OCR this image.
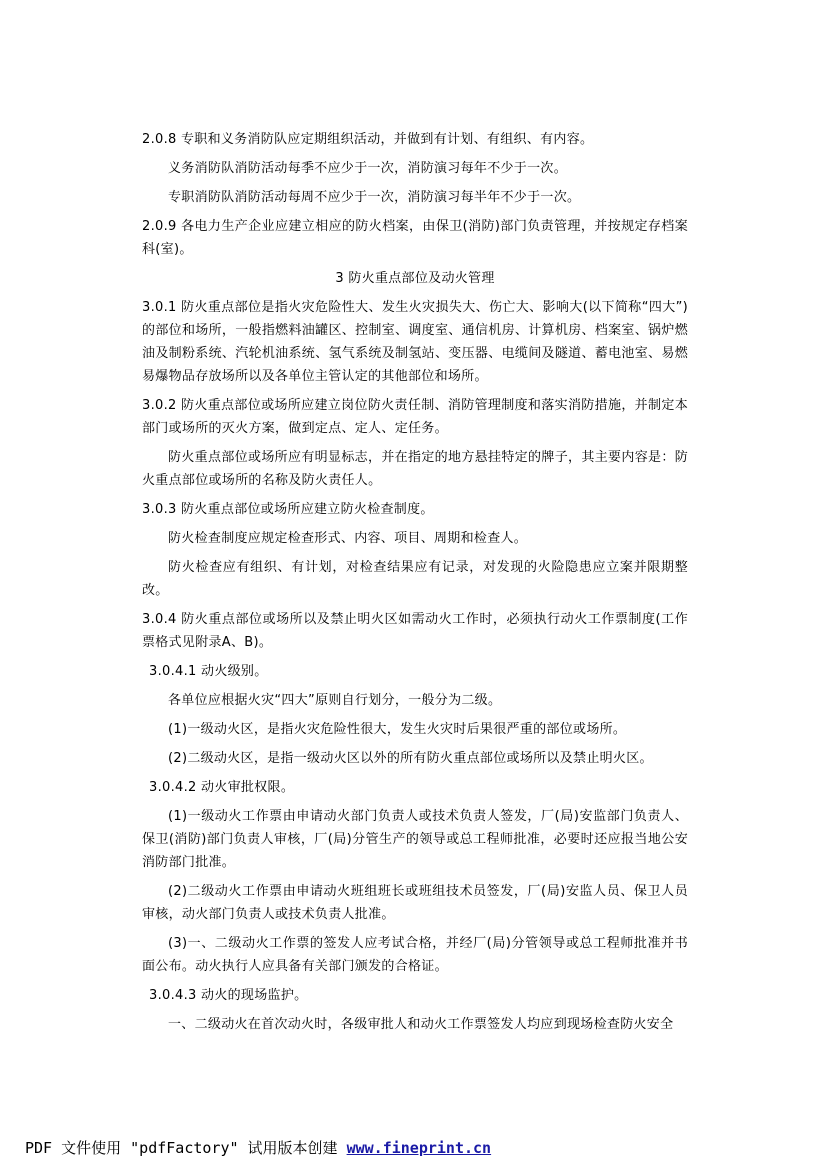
2.0.8 专职和义务消防队应定期组织活动，并做到有计划、有组织、有内容。

义务消防队消防活动每季不应少于一次，消防演习每年不少于一次。

专职消防队消防活动每周不应少于一次，消防演习每半年不少于一次。

2.0.9 各电力生产企业应建立相应的防火档案，由保卫(消防)部门负责管理，并按规定存档案科(室)。

3 防火重点部位及动火管理

3.0.1 防火重点部位是指火灾危险性大、发生火灾损失大、伤亡大、影响大(以下简称“四大”)的部位和场所，一般指燃料油罐区、控制室、调度室、通信机房、计算机房、档案室、锅炉燃油及制粉系统、汽轮机油系统、氢气系统及制氢站、变压器、电缆间及隧道、蓄电池室、易燃易爆物品存放场所以及各单位主管认定的其他部位和场所。

3.0.2 防火重点部位或场所应建立岗位防火责任制、消防管理制度和落实消防措施，并制定本部门或场所的灭火方案，做到定点、定人、定任务。

防火重点部位或场所应有明显标志，并在指定的地方悬挂特定的牌子，其主要内容是：防火重点部位或场所的名称及防火责任人。

3.0.3 防火重点部位或场所应建立防火检查制度。

防火检查制度应规定检查形式、内容、项目、周期和检查人。

防火检查应有组织、有计划，对检查结果应有记录，对发现的火险隐患应立案并限期整改。

3.0.4 防火重点部位或场所以及禁止明火区如需动火工作时，必须执行动火工作票制度(工作票格式见附录A、B)。

3.0.4.1 动火级别。

各单位应根据火灾“四大”原则自行划分，一般分为二级。

(1)一级动火区，是指火灾危险性很大，发生火灾时后果很严重的部位或场所。

(2)二级动火区，是指一级动火区以外的所有防火重点部位或场所以及禁止明火区。

3.0.4.2 动火审批权限。

(1)一级动火工作票由申请动火部门负责人或技术负责人签发，厂(局)安监部门负责人、保卫(消防)部门负责人审核，厂(局)分管生产的领导或总工程师批准，必要时还应报当地公安消防部门批准。

(2)二级动火工作票由申请动火班组班长或班组技术员签发，厂(局)安监人员、保卫人员审核，动火部门负责人或技术负责人批准。

(3)一、二级动火工作票的签发人应考试合格，并经厂(局)分管领导或总工程师批准并书面公布。动火执行人应具备有关部门颁发的合格证。

3.0.4.3 动火的现场监护。

一、二级动火在首次动火时，各级审批人和动火工作票签发人均应到现场检查防火安全

PDF 文件使用 "pdfFactory" 试用版本创建 www.fineprint.cn
